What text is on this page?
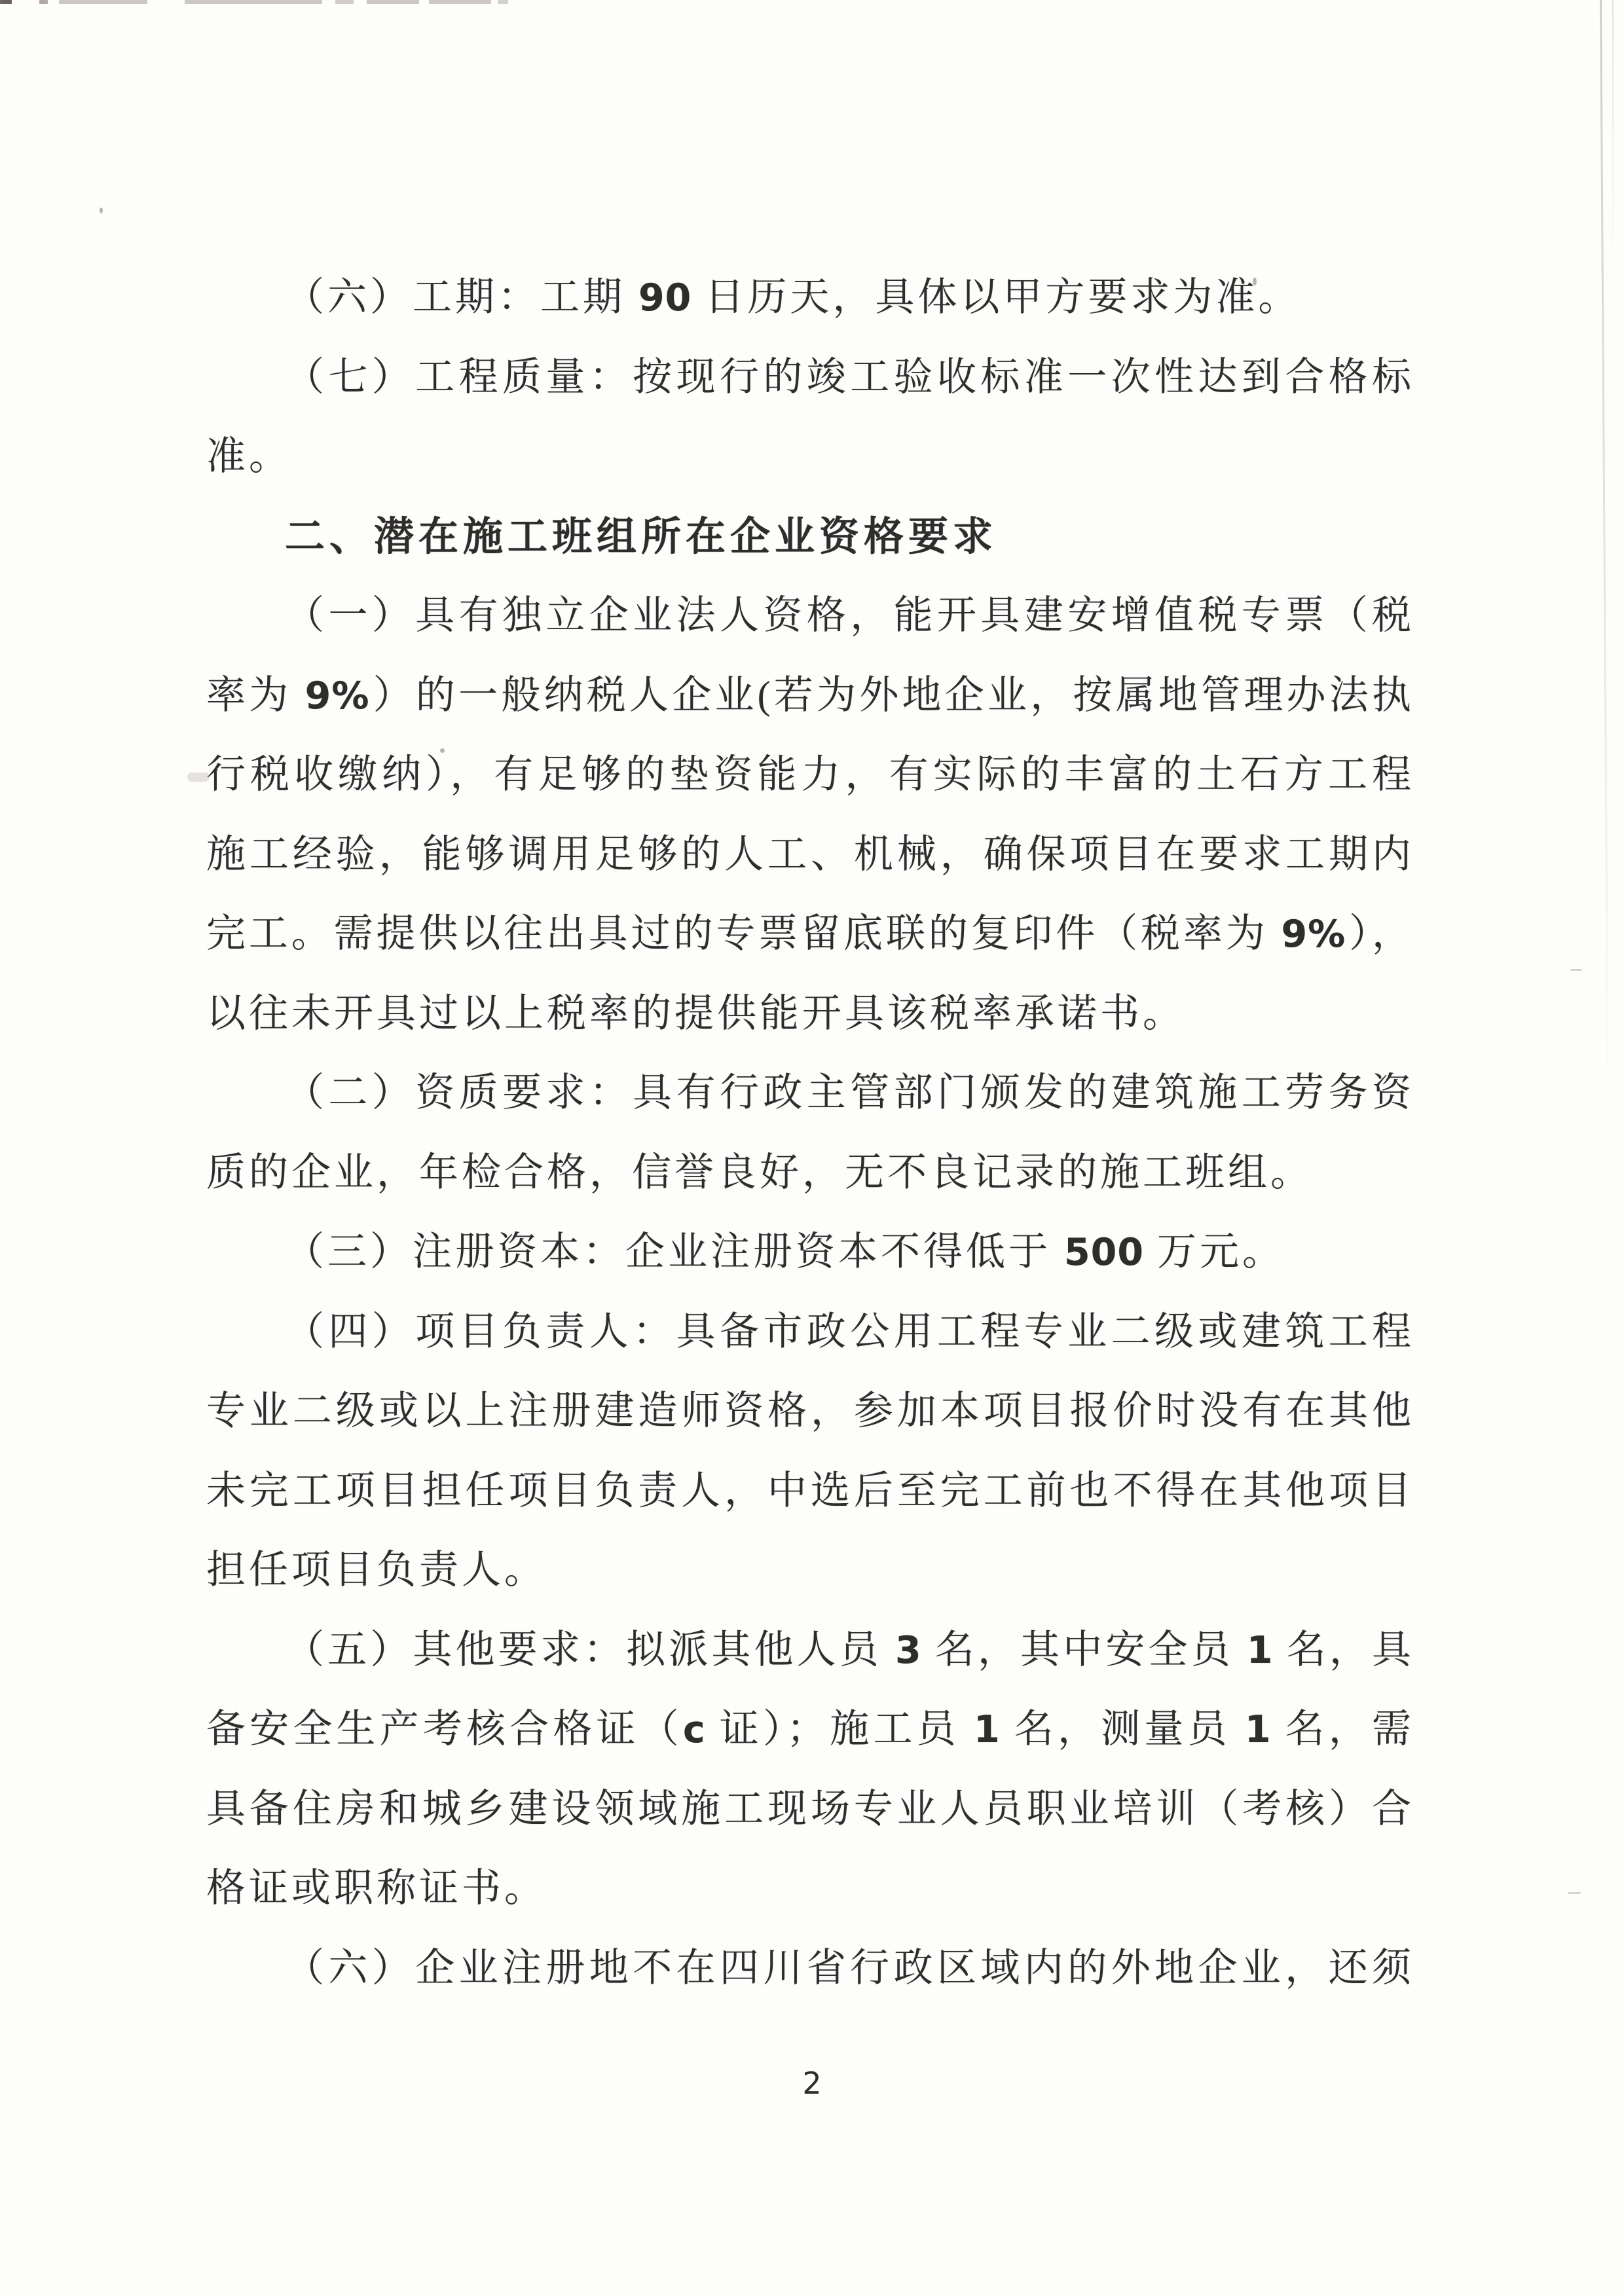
（六）工期：工期 90 日历天，具体以甲方要求为准。
（七）工程质量：按现行的竣工验收标准一次性达到合格标
准。
二、潜在施工班组所在企业资格要求
（一）具有独立企业法人资格，能开具建安增值税专票（税
率为 9%）的一般纳税人企业(若为外地企业，按属地管理办法执
行税收缴纳），有足够的垫资能力，有实际的丰富的土石方工程
施工经验，能够调用足够的人工、机械，确保项目在要求工期内
完工。需提供以往出具过的专票留底联的复印件（税率为 9%），
以往未开具过以上税率的提供能开具该税率承诺书。
（二）资质要求：具有行政主管部门颁发的建筑施工劳务资
质的企业，年检合格，信誉良好，无不良记录的施工班组。
（三）注册资本：企业注册资本不得低于 500 万元。
（四）项目负责人：具备市政公用工程专业二级或建筑工程
专业二级或以上注册建造师资格，参加本项目报价时没有在其他
未完工项目担任项目负责人，中选后至完工前也不得在其他项目
担任项目负责人。
（五）其他要求：拟派其他人员 3 名，其中安全员 1 名，具
备安全生产考核合格证（c 证）；施工员 1 名，测量员 1 名，需
具备住房和城乡建设领域施工现场专业人员职业培训（考核）合
格证或职称证书。
（六）企业注册地不在四川省行政区域内的外地企业，还须
2
